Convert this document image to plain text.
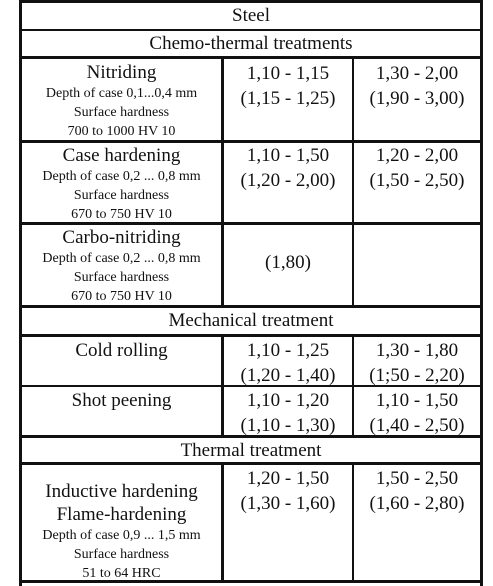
Steel
Chemo-thermal treatments
Mechanical treatment
Thermal treatment
Nitriding
Depth of case 0,1...0,4 mm
Surface hardness
700 to 1000 HV 10
1,10 - 1,15
(1,15 - 1,25)
1,30 - 2,00
(1,90 - 3,00)
Case hardening
Depth of case 0,2 ... 0,8 mm
Surface hardness
670 to 750 HV 10
1,10 - 1,50
(1,20 - 2,00)
1,20 - 2,00
(1,50 - 2,50)
Carbo-nitriding
Depth of case 0,2 ... 0,8 mm
Surface hardness
670 to 750 HV 10
(1,80)
Cold rolling	1,10 - 1,25
(1,20 - 1,40)
1,30 - 1,80
(1;50 - 2,20)
Shot peening	1,10 - 1,20
(1,10 - 1,30)
1,10 - 1,50
(1,40 - 2,50)
Inductive hardening
Flame-hardening
Depth of case 0,9 ... 1,5 mm
Surface hardness
51 to 64 HRC
1,20 - 1,50
(1,30 - 1,60)
1,50 - 2,50
(1,60 - 2,80)
